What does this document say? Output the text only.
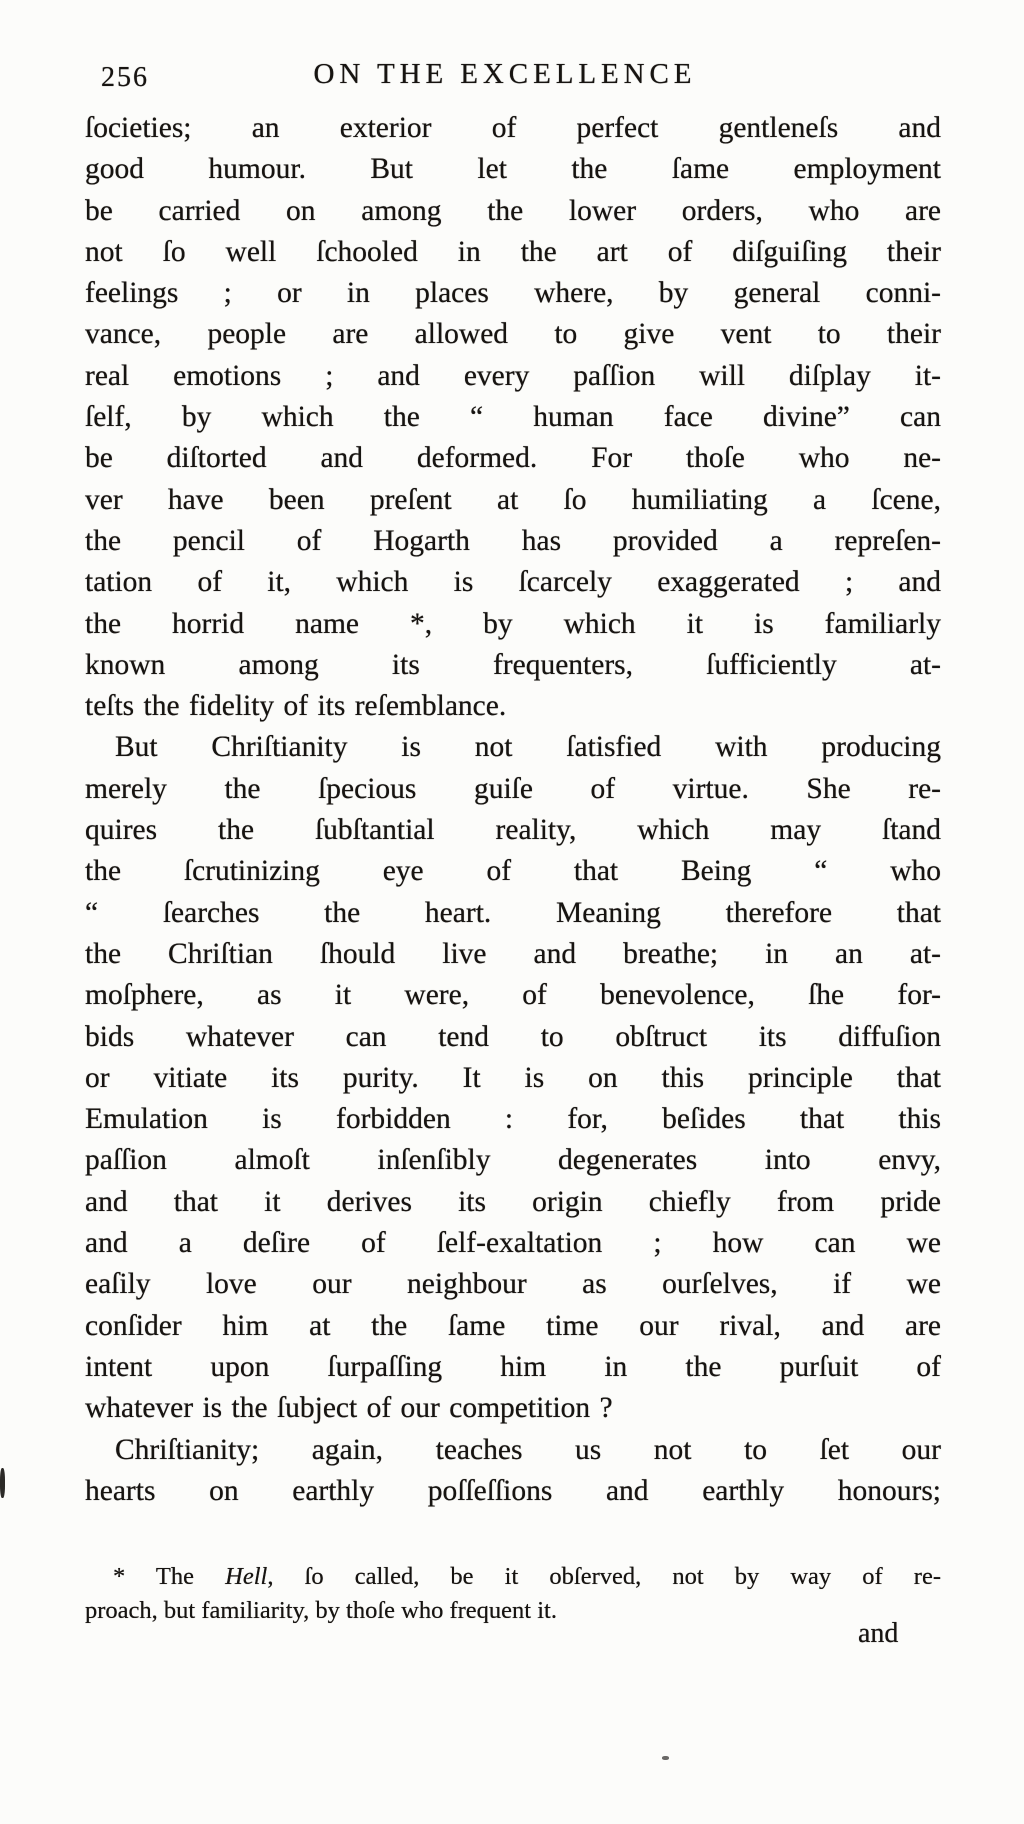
256	ON THE EXCELLENCE
ſocieties; an exterior of perfect gentleneſs and
good humour. But let the ſame employment
be carried on among the lower orders, who are
not ſo well ſchooled in the art of diſguiſing their
feelings ; or in places where, by general conni-
vance, people are allowed to give vent to their
real emotions ; and every paſſion will diſplay it-
ſelf, by which the “ human face divine” can
be diſtorted and deformed. For thoſe who ne-
ver have been preſent at ſo humiliating a ſcene,
the pencil of Hogarth has provided a repreſen-
tation of it, which is ſcarcely exaggerated ; and
the horrid name *, by which it is familiarly
known among its frequenters, ſufficiently at-
teſts the fidelity of its reſemblance.
But Chriſtianity is not ſatisfied with producing
merely the ſpecious guiſe of virtue. She re-
quires the ſubſtantial reality, which may ſtand
the ſcrutinizing eye of that Being “ who
“ ſearches the heart. Meaning therefore that
the Chriſtian ſhould live and breathe; in an at-
moſphere, as it were, of benevolence, ſhe for-
bids whatever can tend to obſtruct its diffuſion
or vitiate its purity. It is on this principle that
Emulation is forbidden : for, beſides that this
paſſion almoſt inſenſibly degenerates into envy,
and that it derives its origin chiefly from pride
and a deſire of ſelf-exaltation ; how can we
eaſily love our neighbour as ourſelves, if we
conſider him at the ſame time our rival, and are
intent upon ſurpaſſing him in the purſuit of
whatever is the ſubject of our competition ?
Chriſtianity; again, teaches us not to ſet our
hearts on earthly poſſeſſions and earthly honours;
* The Hell, ſo called, be it obſerved, not by way of re-
proach, but familiarity, by thoſe who frequent it.
and
